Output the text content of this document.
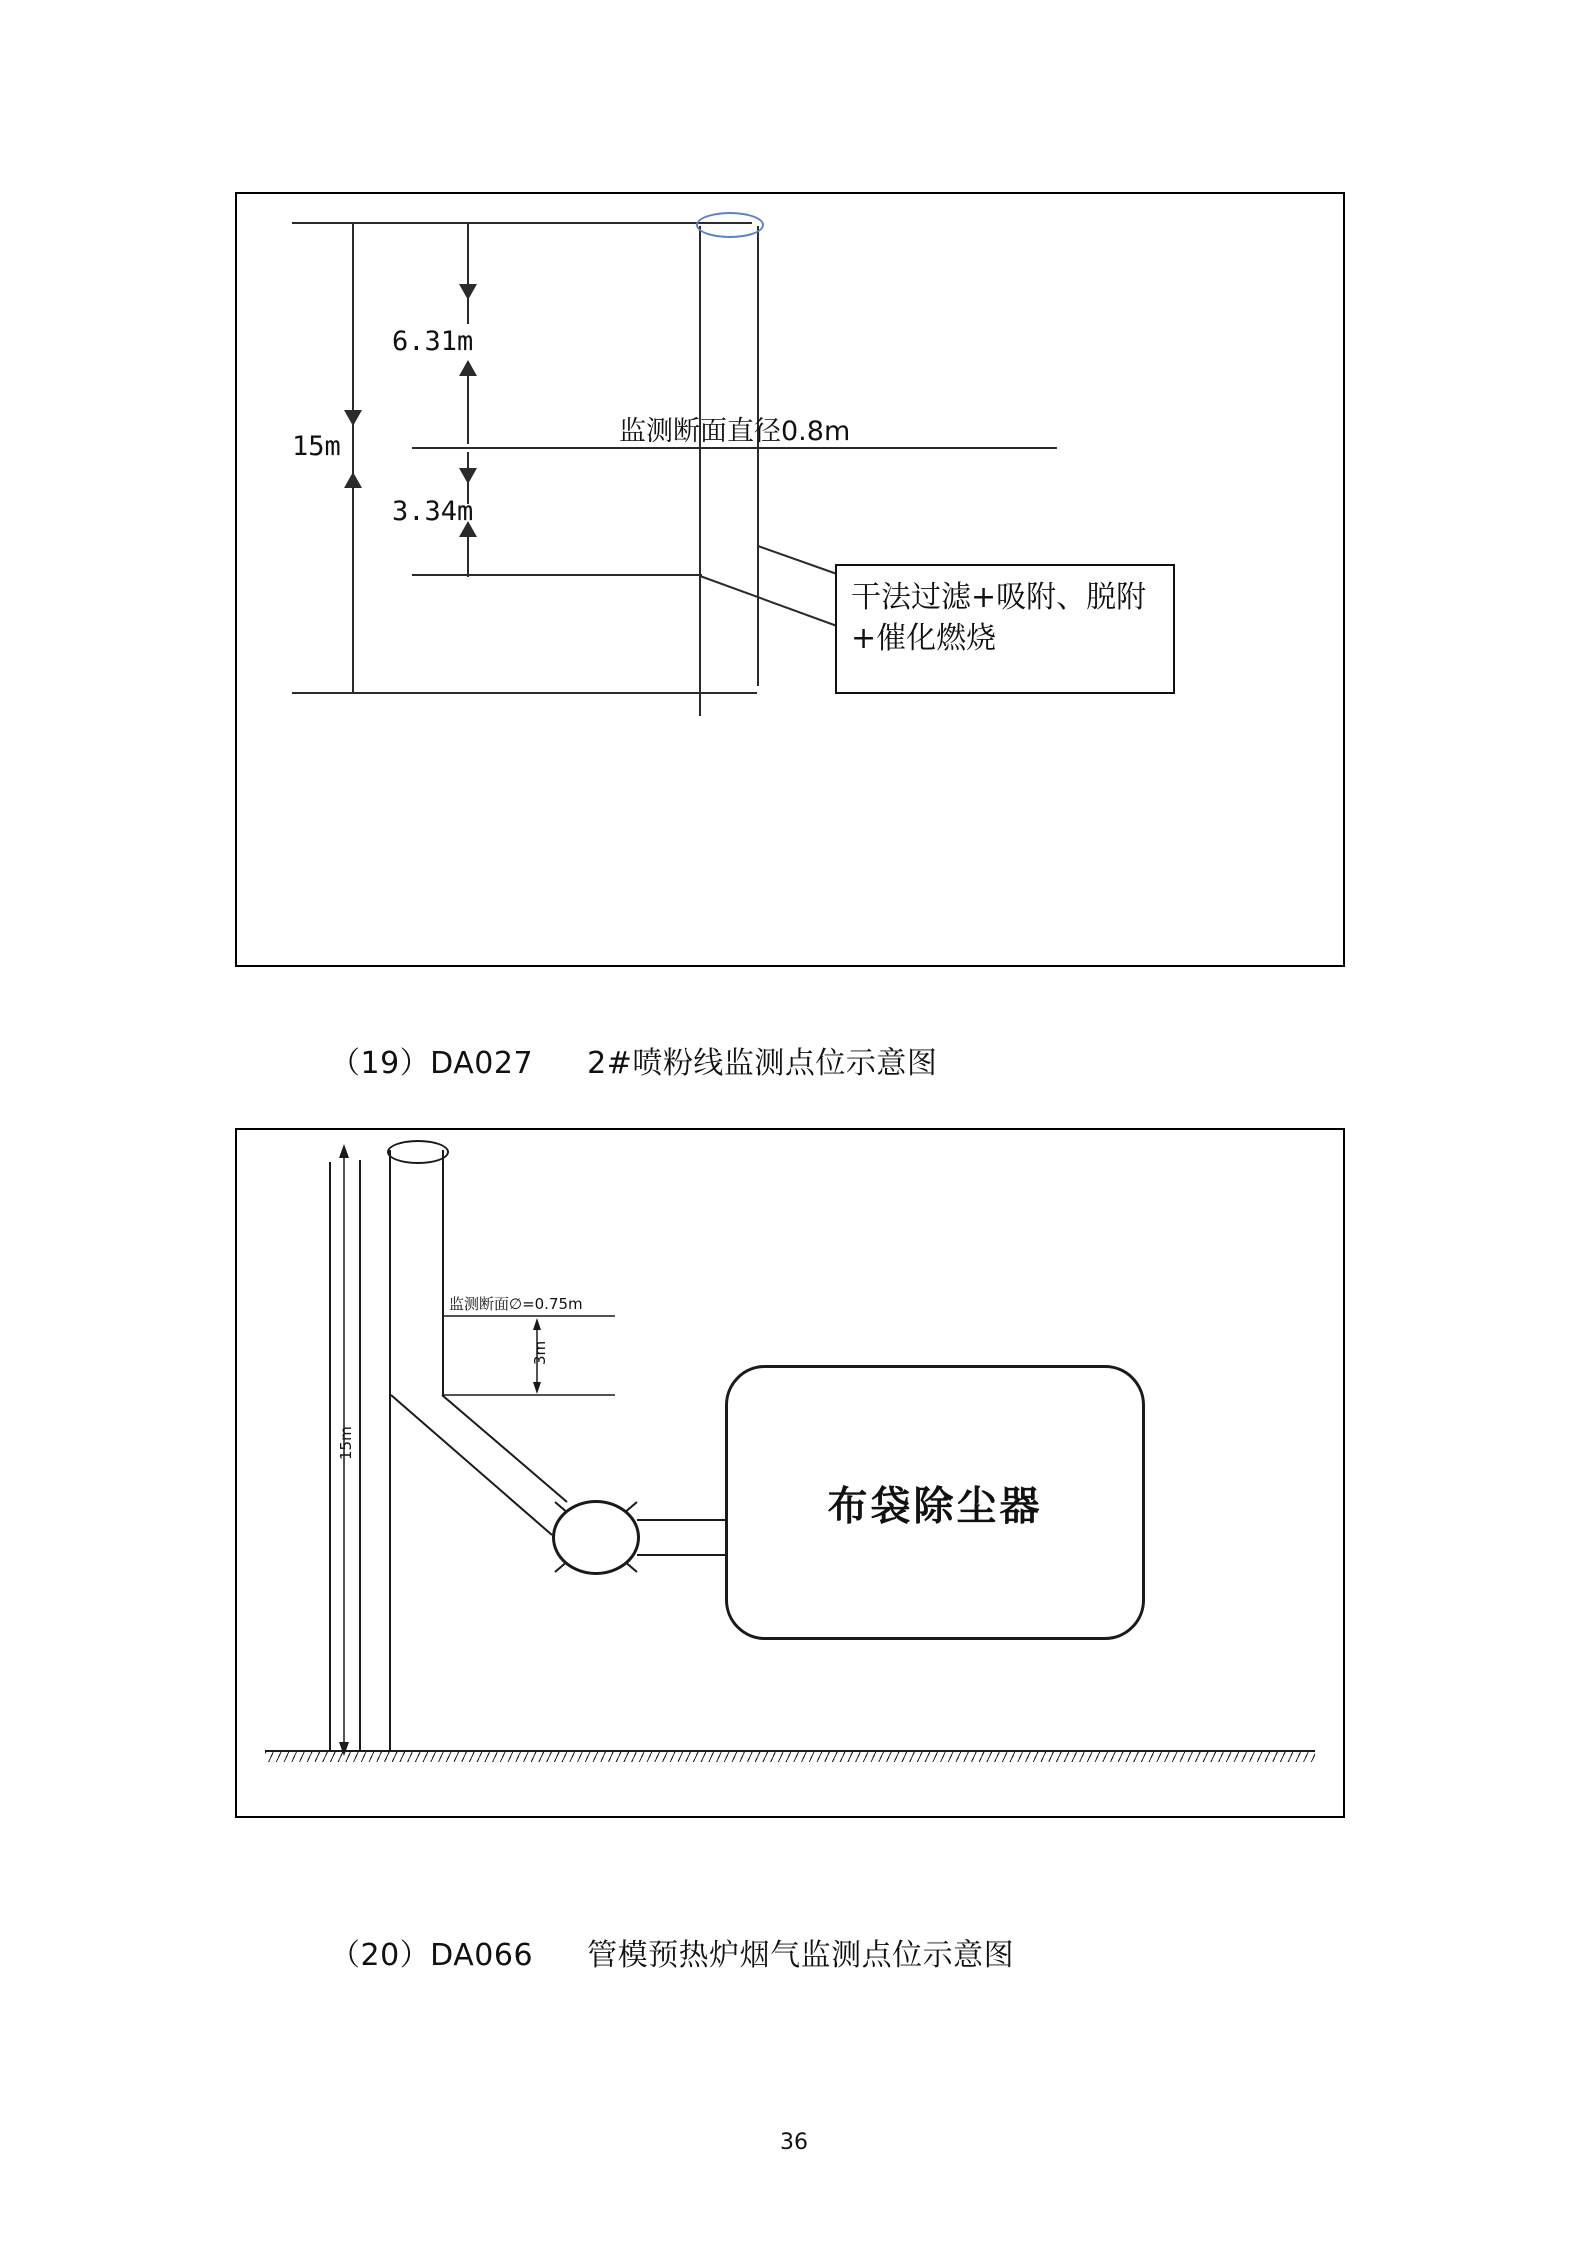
15m
6.31m
监测断面直径0.8m
3.34m
干法过滤+吸附、脱附
+催化燃烧
（19）DA027 2#喷粉线监测点位示意图
15m
3m
监测断面∅=0.75m
布袋除尘器
（20）DA066 管模预热炉烟气监测点位示意图
36
